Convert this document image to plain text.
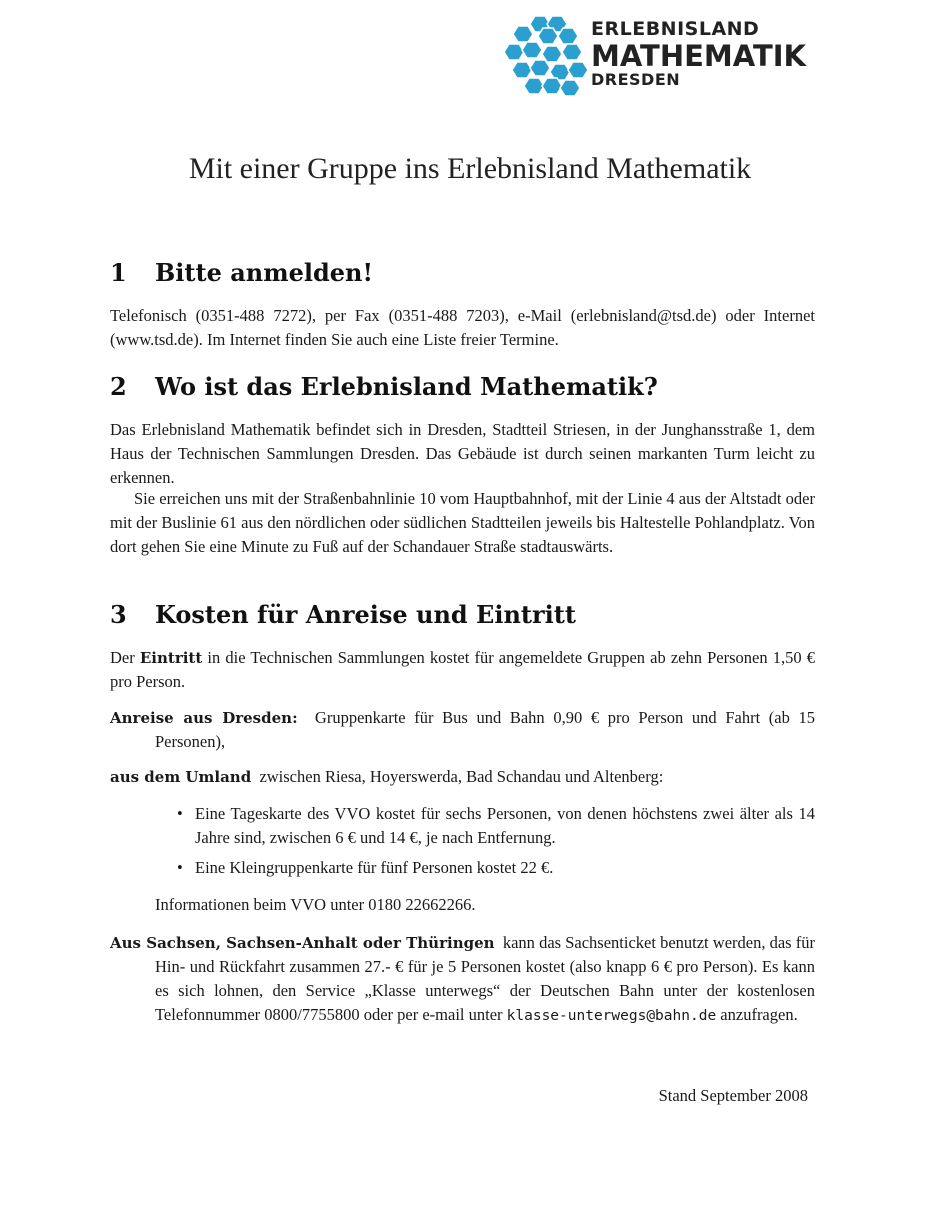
ERLEBNISLAND
MATHEMATIK
DRESDEN
Mit einer Gruppe ins Erlebnisland Mathematik
1 Bitte anmelden!
Telefonisch (0351-488 7272), per Fax (0351-488 7203), e-Mail (erlebnisland@tsd.de) oder Internet (www.tsd.de). Im Internet finden Sie auch eine Liste freier Termine.
2 Wo ist das Erlebnisland Mathematik?
Das Erlebnisland Mathematik befindet sich in Dresden, Stadtteil Striesen, in der Junghansstraße 1, dem Haus der Technischen Sammlungen Dresden. Das Gebäude ist durch seinen markanten Turm leicht zu erkennen.
Sie erreichen uns mit der Straßenbahnlinie 10 vom Hauptbahnhof, mit der Linie 4 aus der Altstadt oder mit der Buslinie 61 aus den nördlichen oder südlichen Stadtteilen jeweils bis Haltestelle Pohlandplatz. Von dort gehen Sie eine Minute zu Fuß auf der Schandauer Straße stadtauswärts.
3 Kosten für Anreise und Eintritt
Der Eintritt in die Technischen Sammlungen kostet für angemeldete Gruppen ab zehn Personen 1,50 € pro Person.
Anreise aus Dresden: Gruppenkarte für Bus und Bahn 0,90 € pro Person und Fahrt (ab 15 Personen),
aus dem Umland zwischen Riesa, Hoyerswerda, Bad Schandau und Altenberg:
• Eine Tageskarte des VVO kostet für sechs Personen, von denen höchstens zwei älter als 14 Jahre sind, zwischen 6 € und 14 €, je nach Entfernung.
• Eine Kleingruppenkarte für fünf Personen kostet 22 €.
Informationen beim VVO unter 0180 22662266.
Aus Sachsen, Sachsen-Anhalt oder Thüringen kann das Sachsenticket benutzt werden, das für Hin- und Rückfahrt zusammen 27.- € für je 5 Personen kostet (also knapp 6 € pro Person). Es kann es sich lohnen, den Service „Klasse unterwegs“ der Deutschen Bahn unter der kostenlosen Telefonnummer 0800/7755800 oder per e-mail unter klasse-unterwegs@bahn.de anzufragen.
Stand September 2008
